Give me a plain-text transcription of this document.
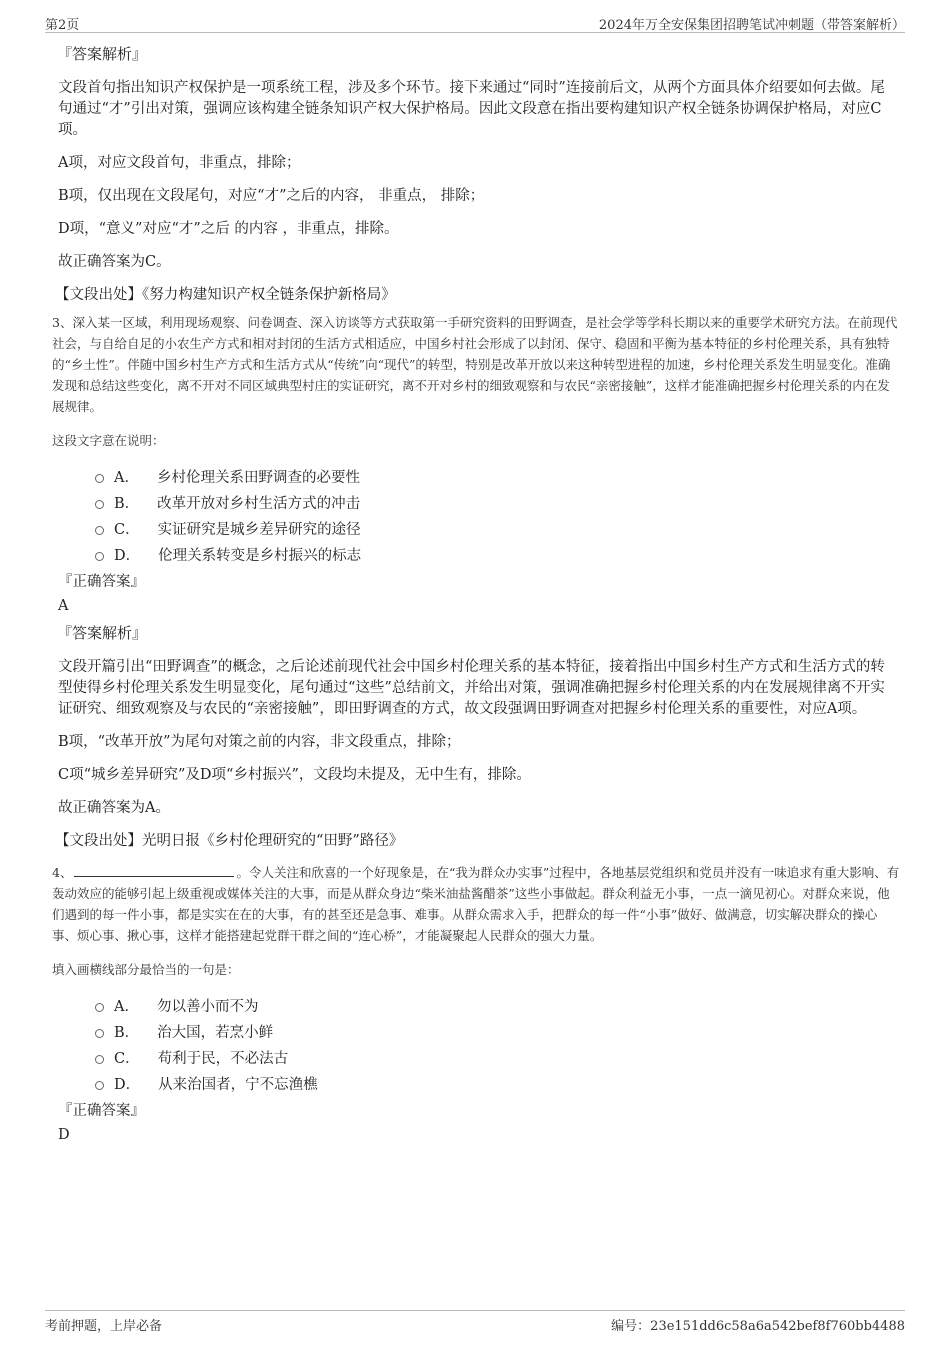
第2页	2024年万全安保集团招聘笔试冲刺题（带答案解析）
『答案解析』
文段首句指出知识产权保护是一项系统工程，涉及多个环节。接下来通过“同时”连接前后文，从两个方面具体介绍要如何去做。尾句通过“才”引出对策，强调应该构建全链条知识产权大保护格局。因此文段意在指出要构建知识产权全链条协调保护格局，对应C项。
A项，对应文段首句，非重点，排除；
B项，仅出现在文段尾句，对应“才”之后的内容， 非重点， 排除；
D项，“意义”对应“才”之后 的内容 ，非重点，排除。
故正确答案为C。
【文段出处】《努力构建知识产权全链条保护新格局》
3、深入某一区域，利用现场观察、问卷调查、深入访谈等方式获取第一手研究资料的田野调查，是社会学等学科长期以来的重要学术研究方法。在前现代社会，与自给自足的小农生产方式和相对封闭的生活方式相适应，中国乡村社会形成了以封闭、保守、稳固和平衡为基本特征的乡村伦理关系，具有独特的“乡土性”。伴随中国乡村生产方式和生活方式从“传统”向“现代”的转型，特别是改革开放以来这种转型进程的加速，乡村伦理关系发生明显变化。准确发现和总结这些变化，离不开对不同区域典型村庄的实证研究，离不开对乡村的细致观察和与农民“亲密接触”，这样才能准确把握乡村伦理关系的内在发展规律。
这段文字意在说明：
A． 乡村伦理关系田野调查的必要性
B． 改革开放对乡村生活方式的冲击
C． 实证研究是城乡差异研究的途径
D． 伦理关系转变是乡村振兴的标志
『正确答案』
A
『答案解析』
文段开篇引出“田野调查”的概念，之后论述前现代社会中国乡村伦理关系的基本特征，接着指出中国乡村生产方式和生活方式的转型使得乡村伦理关系发生明显变化，尾句通过“这些”总结前文，并给出对策，强调准确把握乡村伦理关系的内在发展规律离不开实证研究、细致观察及与农民的“亲密接触”，即田野调查的方式，故文段强调田野调查对把握乡村伦理关系的重要性，对应A项。
B项，“改革开放”为尾句对策之前的内容，非文段重点，排除；
C项“城乡差异研究”及D项“乡村振兴”，文段均未提及，无中生有，排除。
故正确答案为A。
【文段出处】光明日报《乡村伦理研究的“田野”路径》
4、	。令人关注和欣喜的一个好现象是，在“我为群众办实事”过程中，各地基层党组织和党员并没有一味追求有重大影响、有轰动效应的能够引起上级重视或媒体关注的大事，而是从群众身边“柴米油盐酱醋茶”这些小事做起。群众利益无小事，一点一滴见初心。对群众来说，他们遇到的每一件小事，都是实实在在的大事，有的甚至还是急事、难事。从群众需求入手，把群众的每一件“小事”做好、做满意，切实解决群众的操心事、烦心事、揪心事，这样才能搭建起党群干群之间的“连心桥”，才能凝聚起人民群众的强大力量。
填入画横线部分最恰当的一句是：
A． 勿以善小而不为
B． 治大国，若烹小鲜
C． 苟利于民，不必法古
D． 从来治国者，宁不忘渔樵
『正确答案』
D
考前押题，上岸必备	编号：23e151dd6c58a6a542bef8f760bb4488
